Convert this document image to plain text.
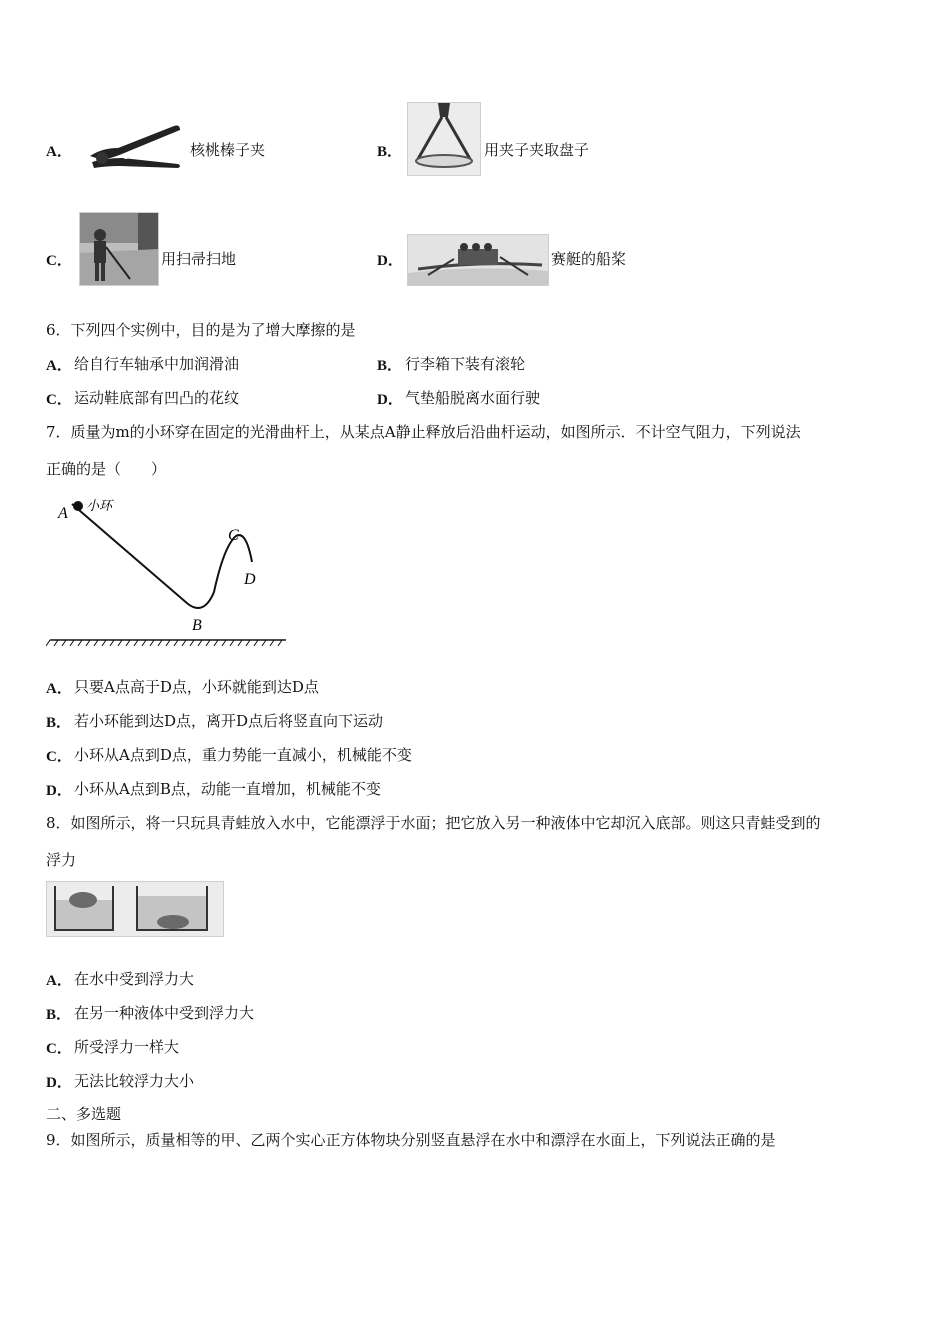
A．	核桃榛子夹	B．	用夹子夹取盘子
C．	用扫帚扫地	D．	赛艇的船桨
6．下列四个实例中，目的是为了增大摩擦的是
A． 给自行车轴承中加润滑油	B． 行李箱下装有滚轮
C． 运动鞋底部有凹凸的花纹	D． 气垫船脱离水面行驶
7．质量为m的小环穿在固定的光滑曲杆上，从某点A静止释放后沿曲杆运动，如图所示．不计空气阻力，下列说法
正确的是（　　）
A 小环
B
C
D
A． 只要A点高于D点，小环就能到达D点
B． 若小环能到达D点，离开D点后将竖直向下运动
C． 小环从A点到D点，重力势能一直减小，机械能不变
D． 小环从A点到B点，动能一直增加，机械能不变
8．如图所示，将一只玩具青蛙放入水中，它能漂浮于水面；把它放入另一种液体中它却沉入底部。则这只青蛙受到的
浮力
A． 在水中受到浮力大
B． 在另一种液体中受到浮力大
C． 所受浮力一样大
D． 无法比较浮力大小
二、多选题
9．如图所示，质量相等的甲、乙两个实心正方体物块分别竖直悬浮在水中和漂浮在水面上，下列说法正确的是
